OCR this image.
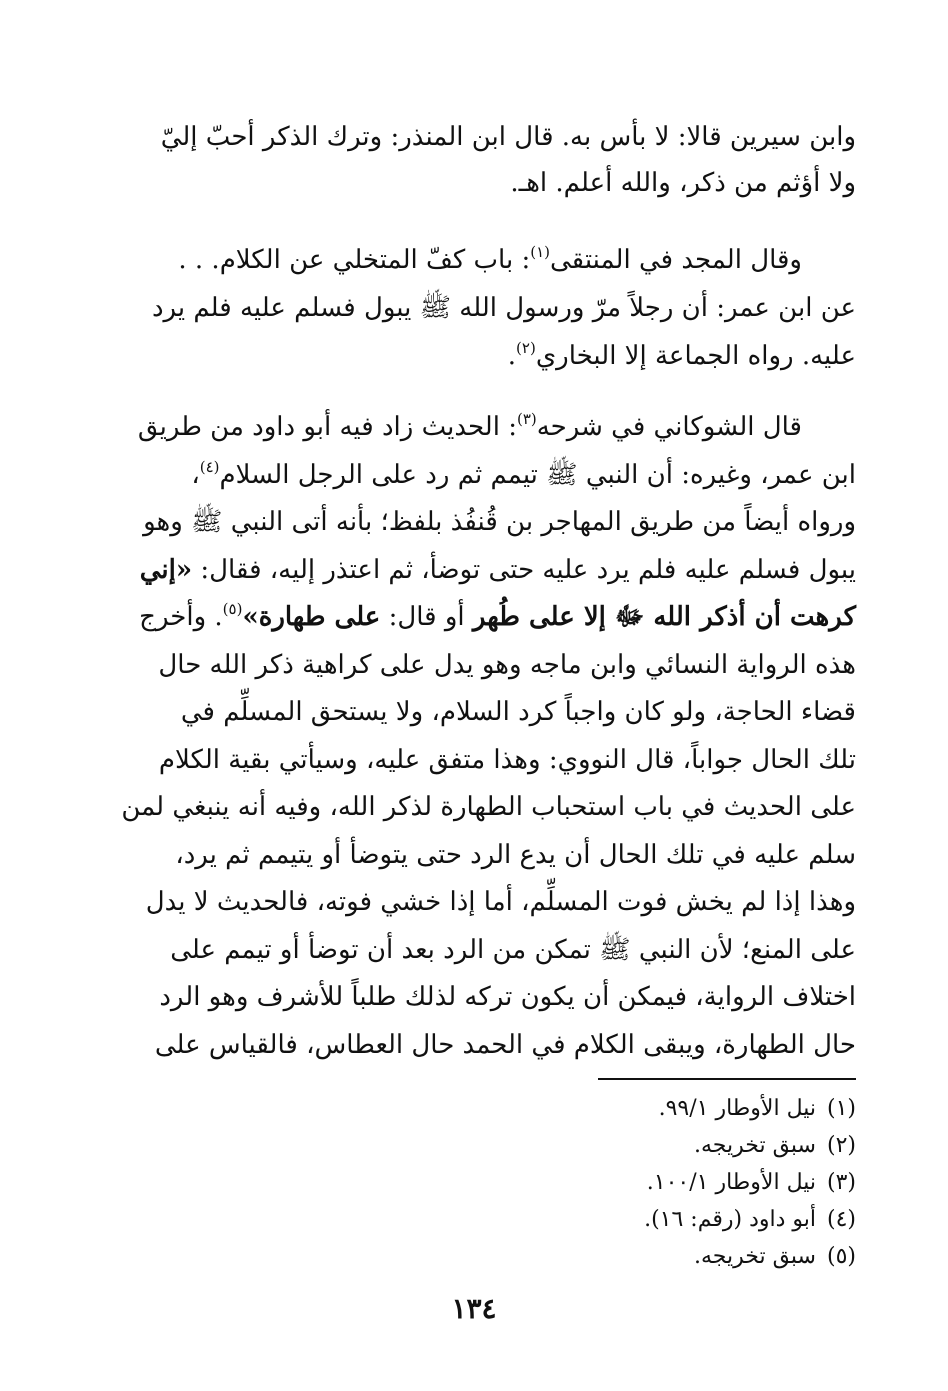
وابن سيرين قالا: لا بأس به. قال ابن المنذر: وترك الذكر أحبّ إليّ
ولا أؤثم من ذكر، والله أعلم. اهـ.
وقال المجد في المنتقى$^{(١)}$: باب كفّ المتخلي عن الكلام. . .
عن ابن عمر: أن رجلاً مرّ ورسول الله ﷺ يبول فسلم عليه فلم يرد
عليه. رواه الجماعة إلا البخاري$^{(٢)}$.
قال الشوكاني في شرحه$^{(٣)}$: الحديث زاد فيه أبو داود من طريق
ابن عمر، وغيره: أن النبي ﷺ تيمم ثم رد على الرجل السلام$^{(٤)}$،
ورواه أيضاً من طريق المهاجر بن قُنفُذ بلفظ؛ بأنه أتى النبي ﷺ وهو
يبول فسلم عليه فلم يرد عليه حتى توضأ، ثم اعتذر إليه، فقال: «إني
كرهت أن أذكر الله ﷻ إلا على طُهر أو قال: على طهارة»$^{(٥)}$. وأخرج
هذه الرواية النسائي وابن ماجه وهو يدل على كراهية ذكر الله حال
قضاء الحاجة، ولو كان واجباً كرد السلام، ولا يستحق المسلِّم في
تلك الحال جواباً، قال النووي: وهذا متفق عليه، وسيأتي بقية الكلام
على الحديث في باب استحباب الطهارة لذكر الله، وفيه أنه ينبغي لمن
سلم عليه في تلك الحال أن يدع الرد حتى يتوضأ أو يتيمم ثم يرد،
وهذا إذا لم يخش فوت المسلِّم، أما إذا خشي فوته، فالحديث لا يدل
على المنع؛ لأن النبي ﷺ تمكن من الرد بعد أن توضأ أو تيمم على
اختلاف الرواية، فيمكن أن يكون تركه لذلك طلباً للأشرف وهو الرد
حال الطهارة، ويبقى الكلام في الحمد حال العطاس، فالقياس على
(١)نيل الأوطار ٩٩/١.
(٢)سبق تخريجه.
(٣)نيل الأوطار ١٠٠/١.
(٤)أبو داود (رقم: ١٦).
(٥)سبق تخريجه.
١٣٤
